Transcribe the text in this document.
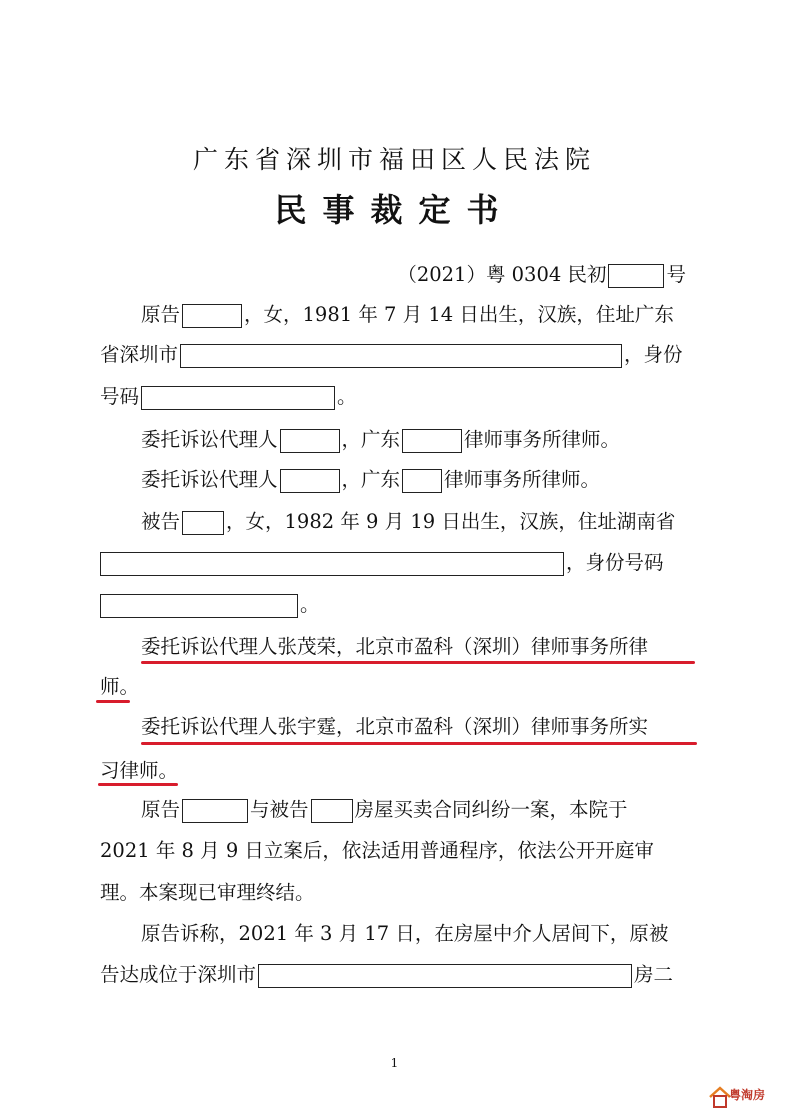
广东省深圳市福田区人民法院
民事裁定书
（2021）粤 0304 民初	号
原告	，女，1981 年 7 月 14 日出生，汉族，住址广东
省深圳市	，身份
号码	。
委托诉讼代理人	，广东	律师事务所律师。
委托诉讼代理人	，广东 律师事务所律师。
被告 ，女，1982 年 9 月 19 日出生，汉族，住址湖南省
，身份号码
。
委托诉讼代理人张茂荣，北京市盈科（深圳）律师事务所律
师。
委托诉讼代理人张宇霆，北京市盈科（深圳）律师事务所实
习律师。
原告	与被告 房屋买卖合同纠纷一案，本院于
2021 年 8 月 9 日立案后，依法适用普通程序，依法公开开庭审
理。本案现已审理终结。
原告诉称，2021 年 3 月 17 日，在房屋中介人居间下，原被
告达成位于深圳市	房二
1
粤淘房
